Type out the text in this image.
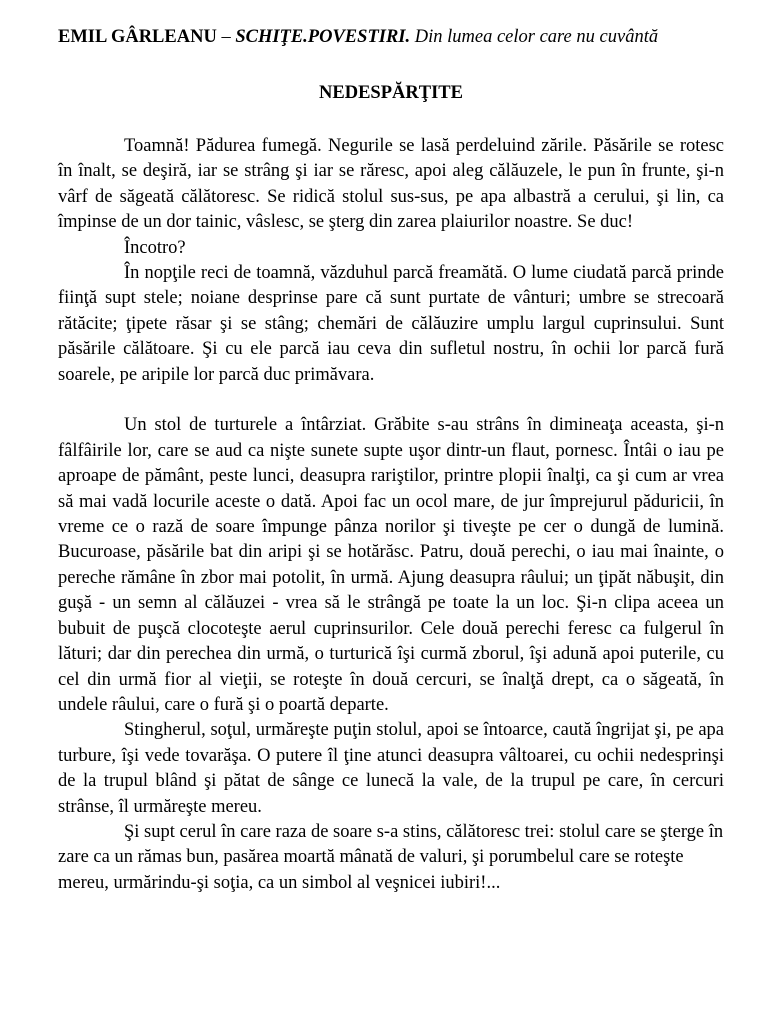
EMIL GÂRLEANU – SCHIŢE.POVESTIRI. Din lumea celor care nu cuvântă
NEDESPĂRŢITE

Toamnă! Pădurea fumegă. Negurile se lasă perdeluind zările. Păsările se rotesc în înalt, se deşiră, iar se strâng şi iar se răresc, apoi aleg călăuzele, le pun în frunte, şi-n vârf de săgeată călătoresc. Se ridică stolul sus-sus, pe apa albastră a cerului, şi lin, ca împinse de un dor tainic, vâslesc, se şterg din zarea plaiurilor noastre. Se duc!

Încotro?

În nopţile reci de toamnă, văzduhul parcă freamătă. O lume ciudată parcă prinde fiinţă supt stele; noiane desprinse pare că sunt purtate de vânturi; umbre se strecoară rătăcite; ţipete răsar şi se stâng; chemări de călăuzire umplu largul cuprinsului. Sunt păsările călătoare. Şi cu ele parcă iau ceva din sufletul nostru, în ochii lor parcă fură soarele, pe aripile lor parcă duc primăvara.

Un stol de turturele a întârziat. Grăbite s-au strâns în dimineaţa aceasta, şi-n fâlfâirile lor, care se aud ca nişte sunete supte uşor dintr-un flaut, pornesc. Întâi o iau pe aproape de pământ, peste lunci, deasupra rariştilor, printre plopii înalţi, ca şi cum ar vrea să mai vadă locurile aceste o dată. Apoi fac un ocol mare, de jur împrejurul păduricii, în vreme ce o rază de soare împunge pânza norilor şi tiveşte pe cer o dungă de lumină. Bucuroase, păsările bat din aripi şi se hotărăsc. Patru, două perechi, o iau mai înainte, o pereche rămâne în zbor mai potolit, în urmă. Ajung deasupra râului; un ţipăt năbuşit, din guşă - un semn al călăuzei - vrea să le strângă pe toate la un loc. Şi-n clipa aceea un bubuit de puşcă clocoteşte aerul cuprinsurilor. Cele două perechi feresc ca fulgerul în lături; dar din perechea din urmă, o turturică îşi curmă zborul, îşi adună apoi puterile, cu cel din urmă fior al vieţii, se roteşte în două cercuri, se înalţă drept, ca o săgeată, în undele râului, care o fură şi o poartă departe.

Stingherul, soţul, urmăreşte puţin stolul, apoi se întoarce, caută îngrijat şi, pe apa turbure, îşi vede tovarăşa. O putere îl ţine atunci deasupra vâltoarei, cu ochii nedesprinşi de la trupul blând şi pătat de sânge ce lunecă la vale, de la trupul pe care, în cercuri strânse, îl urmăreşte mereu.

Şi supt cerul în care raza de soare s-a stins, călătoresc trei: stolul care se şterge în zare ca un rămas bun, pasărea moartă mânată de valuri, şi porumbelul care se roteşte mereu, urmărindu-şi soţia, ca un simbol al veşnicei iubiri!...
